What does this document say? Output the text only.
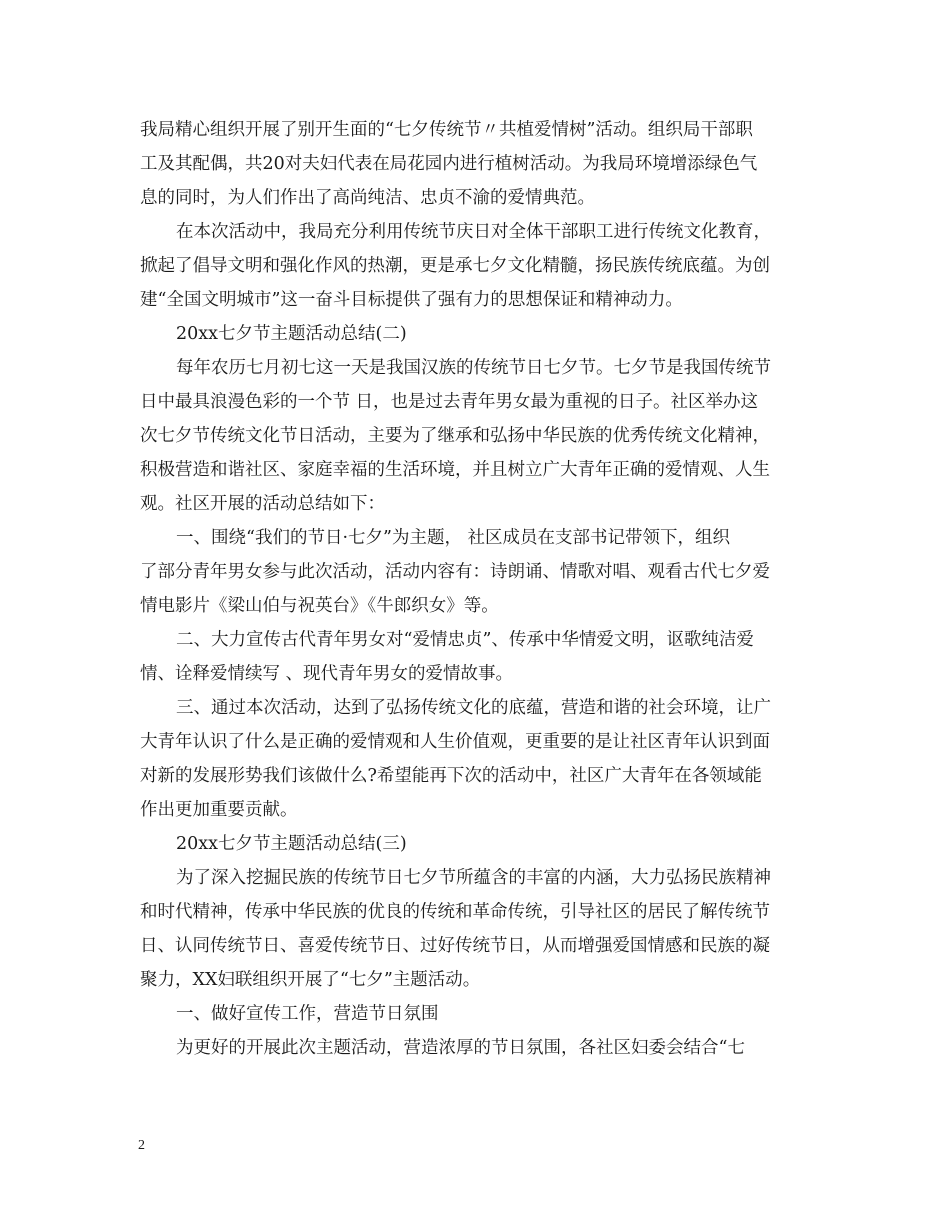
我局精心组织开展了别开生面的“七夕传统节〃共植爱情树”活动。组织局干部职
工及其配偶，共20对夫妇代表在局花园内进行植树活动。为我局环境增添绿色气
息的同时，为人们作出了高尚纯洁、忠贞不渝的爱情典范。
在本次活动中，我局充分利用传统节庆日对全体干部职工进行传统文化教育，
掀起了倡导文明和强化作风的热潮，更是承七夕文化精髓，扬民族传统底蕴。为创
建“全国文明城市”这一奋斗目标提供了强有力的思想保证和精神动力。
20xx七夕节主题活动总结(二)
每年农历七月初七这一天是我国汉族的传统节日七夕节。七夕节是我国传统节
日中最具浪漫色彩的一个节 日，也是过去青年男女最为重视的日子。社区举办这
次七夕节传统文化节日活动，主要为了继承和弘扬中华民族的优秀传统文化精神，
积极营造和谐社区、家庭幸福的生活环境，并且树立广大青年正确的爱情观、人生
观。社区开展的活动总结如下：
一、围绕“我们的节日·七夕”为主题， 社区成员在支部书记带领下，组织
了部分青年男女参与此次活动，活动内容有：诗朗诵、情歌对唱、观看古代七夕爱
情电影片《梁山伯与祝英台》《牛郎织女》等。
二、大力宣传古代青年男女对“爱情忠贞”、传承中华情爱文明，讴歌纯洁爱
情、诠释爱情续写 、现代青年男女的爱情故事。
三、通过本次活动，达到了弘扬传统文化的底蕴，营造和谐的社会环境，让广
大青年认识了什么是正确的爱情观和人生价值观，更重要的是让社区青年认识到面
对新的发展形势我们该做什么?希望能再下次的活动中，社区广大青年在各领域能
作出更加重要贡献。
20xx七夕节主题活动总结(三)
为了深入挖掘民族的传统节日七夕节所蕴含的丰富的内涵，大力弘扬民族精神
和时代精神，传承中华民族的优良的传统和革命传统，引导社区的居民了解传统节
日、认同传统节日、喜爱传统节日、过好传统节日，从而增强爱国情感和民族的凝
聚力，XX妇联组织开展了“七夕”主题活动。
一、做好宣传工作，营造节日氛围
为更好的开展此次主题活动，营造浓厚的节日氛围，各社区妇委会结合“七
2
